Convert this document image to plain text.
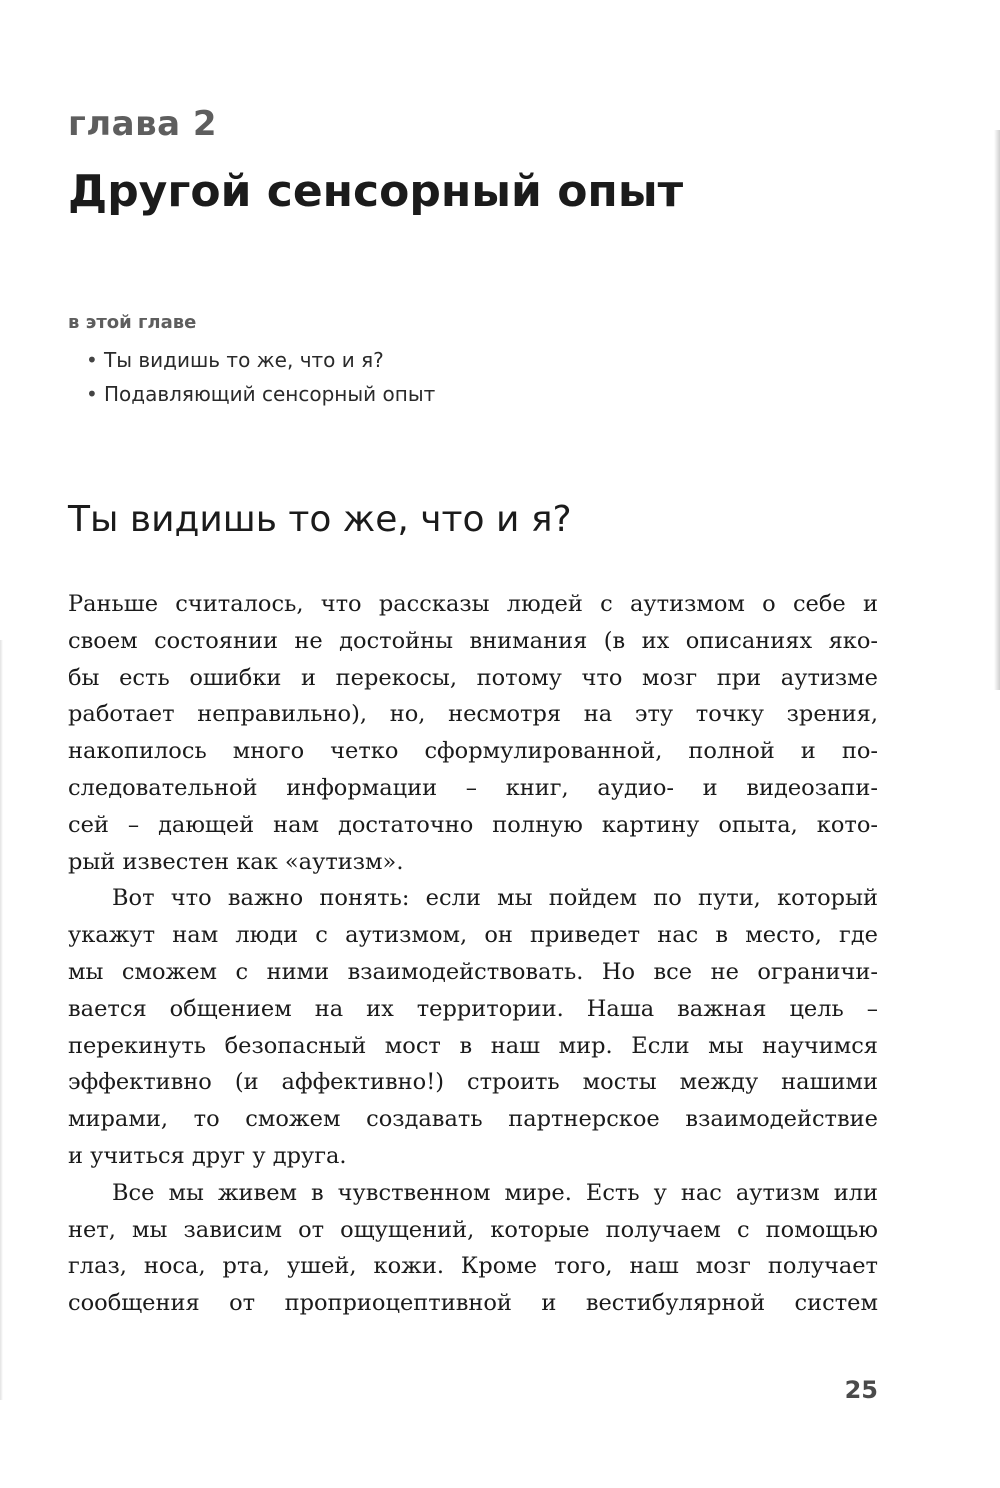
глава 2
Другой сенсорный опыт
в этой главе
• Ты видишь то же, что и я?
• Подавляющий сенсорный опыт
Ты видишь то же, что и я?

Раньше считалось, что рассказы людей с аутизмом о себе и
своем состоянии не достойны внимания (в их описаниях яко-
бы есть ошибки и перекосы, потому что мозг при аутизме
работает неправильно), но, несмотря на эту точку зрения,
накопилось много четко сформулированной, полной и по-
следовательной информации – книг, аудио- и видеозапи-
сей – дающей нам достаточно полную картину опыта, кото-
рый известен как «аутизм».

Вот что важно понять: если мы пойдем по пути, который
укажут нам люди с аутизмом, он приведет нас в место, где
мы сможем с ними взаимодействовать. Но все не ограничи-
вается общением на их территории. Наша важная цель –
перекинуть безопасный мост в наш мир. Если мы научимся
эффективно (и аффективно!) строить мосты между нашими
мирами, то сможем создавать партнерское взаимодействие
и учиться друг у друга.

Все мы живем в чувственном мире. Есть у нас аутизм или
нет, мы зависим от ощущений, которые получаем с помощью
глаз, носа, рта, ушей, кожи. Кроме того, наш мозг получает
сообщения от проприоцептивной и вестибулярной систем

25
